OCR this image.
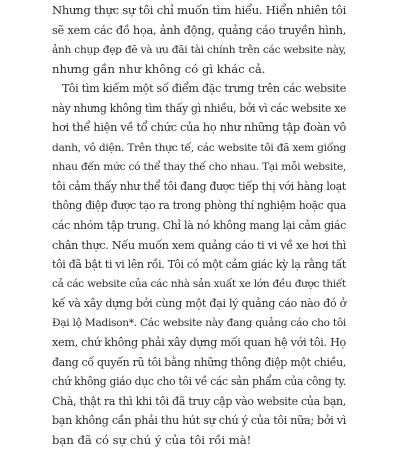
Nhưng thực sự tôi chỉ muốn tìm hiểu. Hiển nhiên tôi
sẽ xem các đồ họa, ảnh động, quảng cáo truyền hình,
ảnh chụp đẹp đẽ và ưu đãi tài chính trên các website này,
nhưng gần như không có gì khác cả.

Tôi tìm kiếm một số điểm đặc trưng trên các website
này nhưng không tìm thấy gì nhiều, bởi vì các website xe
hơi thể hiện về tổ chức của họ như những tập đoàn vô
danh, vô diện. Trên thực tế, các website tôi đã xem giống
nhau đến mức có thể thay thế cho nhau. Tại mỗi website,
tôi cảm thấy như thể tôi đang được tiếp thị với hàng loạt
thông điệp được tạo ra trong phòng thí nghiệm hoặc qua
các nhóm tập trung. Chỉ là nó không mang lại cảm giác
chân thực. Nếu muốn xem quảng cáo ti vi về xe hơi thì
tôi đã bật ti vi lên rồi. Tôi có một cảm giác kỳ lạ rằng tất
cả các website của các nhà sản xuất xe lớn đều được thiết
kế và xây dựng bởi cùng một đại lý quảng cáo nào đó ở
Đại lộ Madison*. Các website này đang quảng cáo cho tôi
xem, chứ không phải xây dựng mối quan hệ với tôi. Họ
đang cố quyến rũ tôi bằng những thông điệp một chiều,
chứ không giáo dục cho tôi về các sản phẩm của công ty.
Chà, thật ra thì khi tôi đã truy cập vào website của bạn,
bạn không cần phải thu hút sự chú ý của tôi nữa; bởi vì
bạn đã có sự chú ý của tôi rồi mà!
